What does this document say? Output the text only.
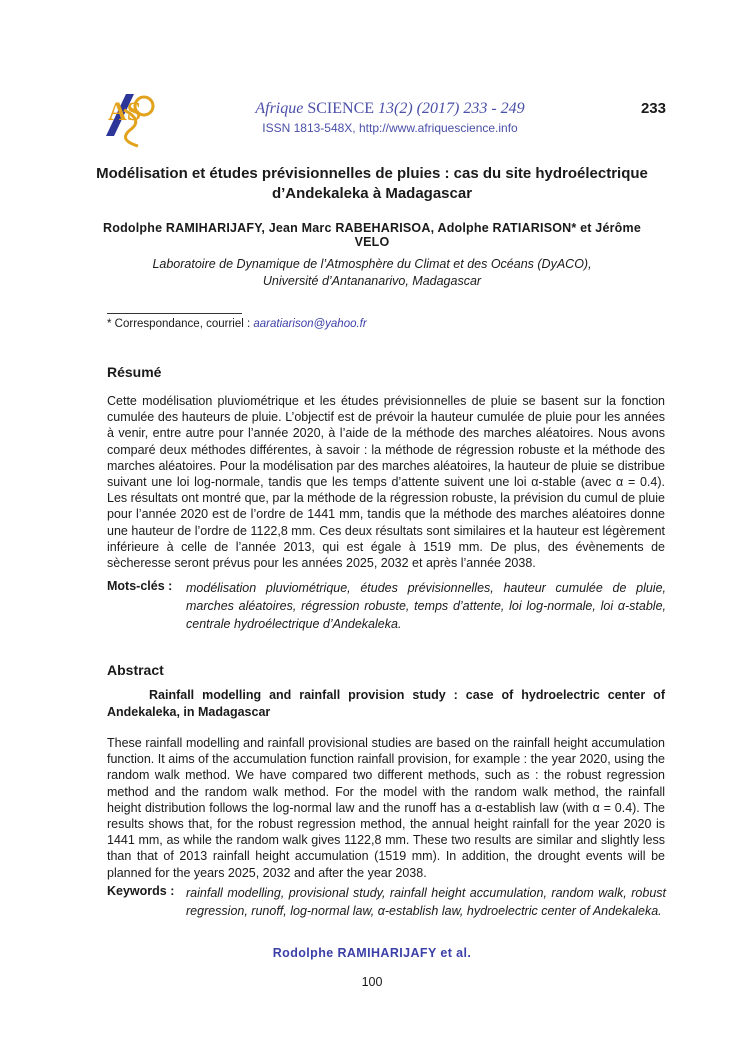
AS	Afrique SCIENCE 13(2) (2017) 233 - 249
ISSN 1813-548X, http://www.afriquescience.info
233
Modélisation et études prévisionnelles de pluies : cas du site hydroélectrique d’Andekaleka à Madagascar
Rodolphe RAMIHARIJAFY, Jean Marc RABEHARISOA, Adolphe RATIARISON* et Jérôme VELO
Laboratoire de Dynamique de l’Atmosphère du Climat et des Océans (DyACO),
Université d’Antananarivo, Madagascar
* Correspondance, courriel : aaratiarison@yahoo.fr
Résumé
Cette modélisation pluviométrique et les études prévisionnelles de pluie se basent sur la fonction cumulée des hauteurs de pluie. L’objectif est de prévoir la hauteur cumulée de pluie pour les années à venir, entre autre pour l’année 2020, à l’aide de la méthode des marches aléatoires. Nous avons comparé deux méthodes différentes, à savoir : la méthode de régression robuste et la méthode des marches aléatoires. Pour la modélisation par des marches aléatoires, la hauteur de pluie se distribue suivant une loi log-normale, tandis que les temps d’attente suivent une loi α-stable (avec α = 0.4). Les résultats ont montré que, par la méthode de la régression robuste, la prévision du cumul de pluie pour l’année 2020 est de l’ordre de 1441 mm, tandis que la méthode des marches aléatoires donne une hauteur de l’ordre de 1122,8 mm. Ces deux résultats sont similaires et la hauteur est légèrement inférieure à celle de l’année 2013, qui est égale à 1519 mm. De plus, des évènements de sècheresse seront prévus pour les années 2025, 2032 et après l’année 2038.
Mots-clés : modélisation pluviométrique, études prévisionnelles, hauteur cumulée de pluie, marches aléatoires, régression robuste, temps d’attente, loi log-normale, loi α-stable, centrale hydroélectrique d’Andekaleka.
Abstract
Rainfall modelling and rainfall provision study : case of hydroelectric center of Andekaleka, in Madagascar
These rainfall modelling and rainfall provisional studies are based on the rainfall height accumulation function. It aims of the accumulation function rainfall provision, for example : the year 2020, using the random walk method. We have compared two different methods, such as : the robust regression method and the random walk method. For the model with the random walk method, the rainfall height distribution follows the log-normal law and the runoff has a α-establish law (with α = 0.4). The results shows that, for the robust regression method, the annual height rainfall for the year 2020 is 1441 mm, as while the random walk gives 1122,8 mm. These two results are similar and slightly less than that of 2013 rainfall height accumulation (1519 mm). In addition, the drought events will be planned for the years 2025, 2032 and after the year 2038.
Keywords : rainfall modelling, provisional study, rainfall height accumulation, random walk, robust regression, runoff, log-normal law, α-establish law, hydroelectric center of Andekaleka.
Rodolphe RAMIHARIJAFY et al.
100
